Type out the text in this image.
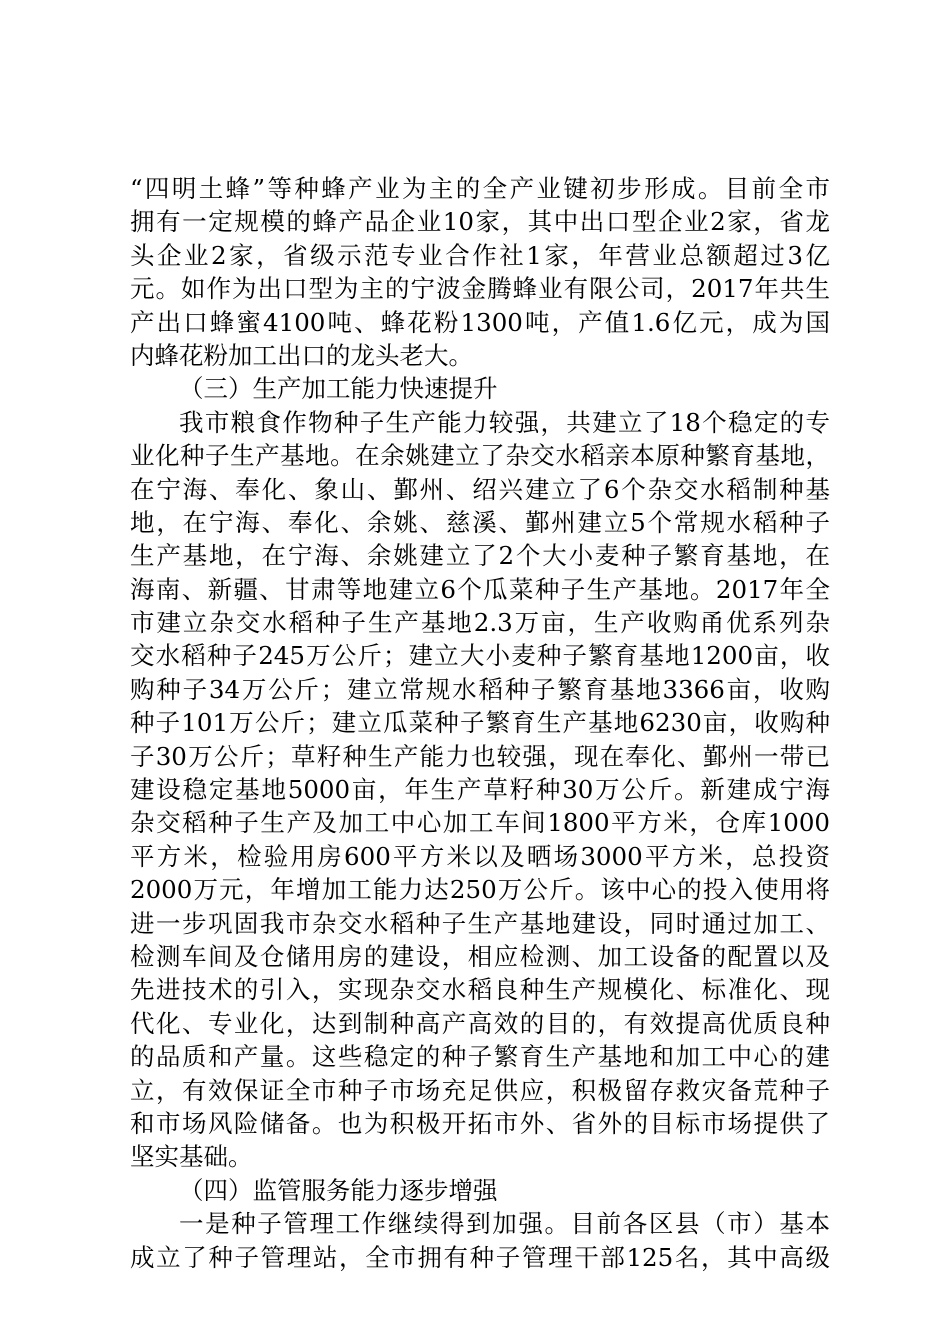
“四明土蜂”等种蜂产业为主的全产业键初步形成。目前全市
拥有一定规模的蜂产品企业10家，其中出口型企业2家，省龙
头企业2家，省级示范专业合作社1家，年营业总额超过3亿
元。如作为出口型为主的宁波金腾蜂业有限公司，2017年共生
产出口蜂蜜4100吨、蜂花粉1300吨，产值1.6亿元，成为国
内蜂花粉加工出口的龙头老大。
（三）生产加工能力快速提升
我市粮食作物种子生产能力较强，共建立了18个稳定的专
业化种子生产基地。在余姚建立了杂交水稻亲本原种繁育基地，
在宁海、奉化、象山、鄞州、绍兴建立了6个杂交水稻制种基
地，在宁海、奉化、余姚、慈溪、鄞州建立5个常规水稻种子
生产基地，在宁海、余姚建立了2个大小麦种子繁育基地，在
海南、新疆、甘肃等地建立6个瓜菜种子生产基地。2017年全
市建立杂交水稻种子生产基地2.3万亩，生产收购甬优系列杂
交水稻种子245万公斤；建立大小麦种子繁育基地1200亩，收
购种子34万公斤；建立常规水稻种子繁育基地3366亩，收购
种子101万公斤；建立瓜菜种子繁育生产基地6230亩，收购种
子30万公斤；草籽种生产能力也较强，现在奉化、鄞州一带已
建设稳定基地5000亩，年生产草籽种30万公斤。新建成宁海
杂交稻种子生产及加工中心加工车间1800平方米，仓库1000
平方米，检验用房600平方米以及晒场3000平方米，总投资
2000万元，年增加工能力达250万公斤。该中心的投入使用将
进一步巩固我市杂交水稻种子生产基地建设，同时通过加工、
检测车间及仓储用房的建设，相应检测、加工设备的配置以及
先进技术的引入，实现杂交水稻良种生产规模化、标准化、现
代化、专业化，达到制种高产高效的目的，有效提高优质良种
的品质和产量。这些稳定的种子繁育生产基地和加工中心的建
立，有效保证全市种子市场充足供应，积极留存救灾备荒种子
和市场风险储备。也为积极开拓市外、省外的目标市场提供了
坚实基础。
（四）监管服务能力逐步增强
一是种子管理工作继续得到加强。目前各区县（市）基本
成立了种子管理站，全市拥有种子管理干部125名，其中高级
